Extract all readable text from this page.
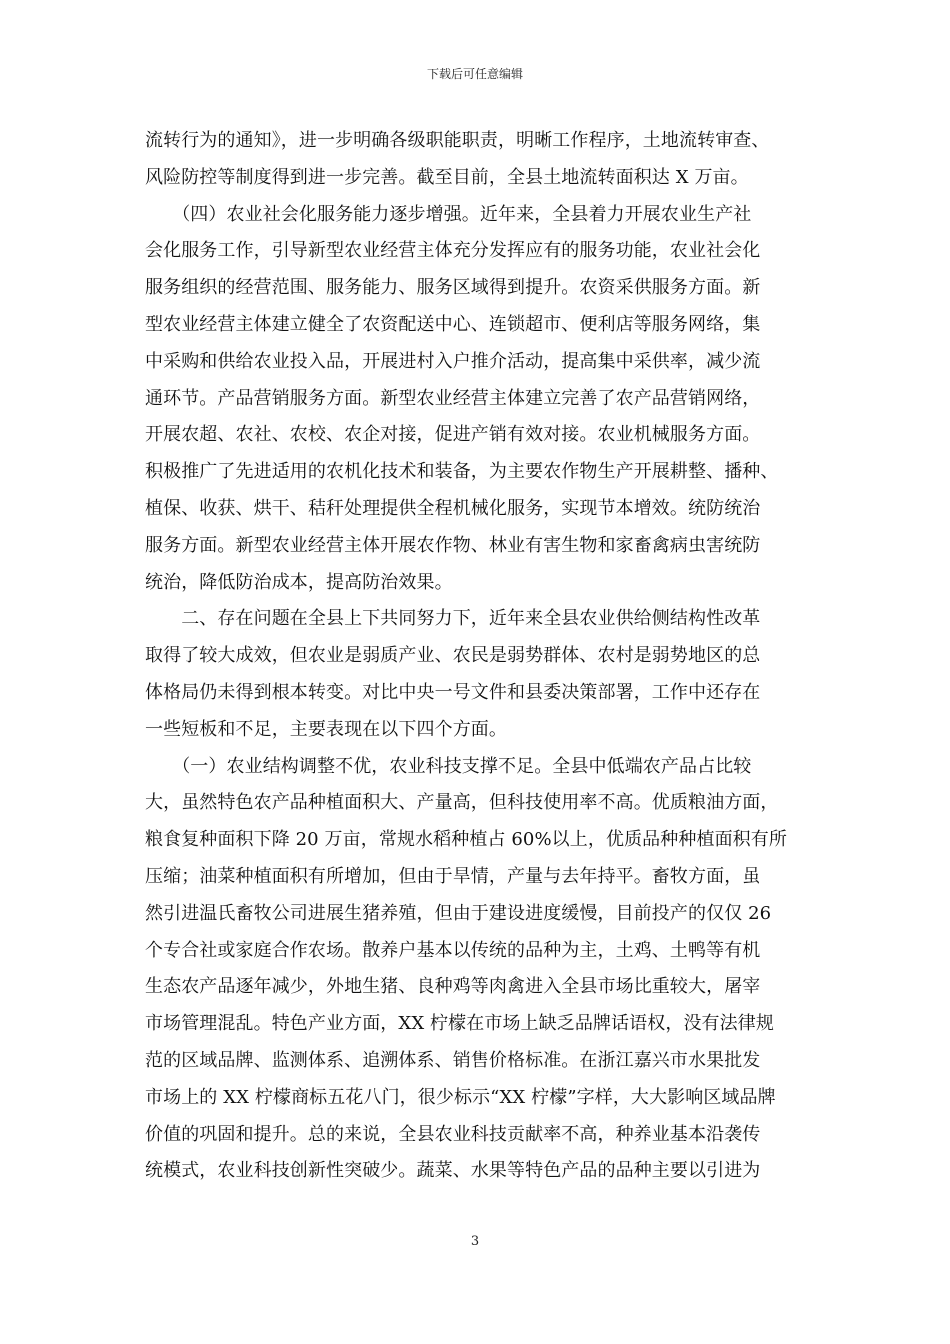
下载后可任意编辑
流转行为的通知》，进一步明确各级职能职责，明晰工作程序，土地流转审查、
风险防控等制度得到进一步完善。截至目前，全县土地流转面积达 X 万亩。
　　（四）农业社会化服务能力逐步增强。近年来，全县着力开展农业生产社
会化服务工作，引导新型农业经营主体充分发挥应有的服务功能，农业社会化
服务组织的经营范围、服务能力、服务区域得到提升。农资采供服务方面。新
型农业经营主体建立健全了农资配送中心、连锁超市、便利店等服务网络，集
中采购和供给农业投入品，开展进村入户推介活动，提高集中采供率，减少流
通环节。产品营销服务方面。新型农业经营主体建立完善了农产品营销网络，
开展农超、农社、农校、农企对接，促进产销有效对接。农业机械服务方面。
积极推广了先进适用的农机化技术和装备，为主要农作物生产开展耕整、播种、
植保、收获、烘干、秸秆处理提供全程机械化服务，实现节本增效。统防统治
服务方面。新型农业经营主体开展农作物、林业有害生物和家畜禽病虫害统防
统治，降低防治成本，提高防治效果。
　　二、存在问题在全县上下共同努力下，近年来全县农业供给侧结构性改革
取得了较大成效，但农业是弱质产业、农民是弱势群体、农村是弱势地区的总
体格局仍未得到根本转变。对比中央一号文件和县委决策部署，工作中还存在
一些短板和不足，主要表现在以下四个方面。
　　（一）农业结构调整不优，农业科技支撑不足。全县中低端农产品占比较
大，虽然特色农产品种植面积大、产量高，但科技使用率不高。优质粮油方面，
粮食复种面积下降 20 万亩，常规水稻种植占 60%以上，优质品种种植面积有所
压缩；油菜种植面积有所增加，但由于旱情，产量与去年持平。畜牧方面，虽
然引进温氏畜牧公司进展生猪养殖，但由于建设进度缓慢，目前投产的仅仅 26
个专合社或家庭合作农场。散养户基本以传统的品种为主，土鸡、土鸭等有机
生态农产品逐年减少，外地生猪、良种鸡等肉禽进入全县市场比重较大，屠宰
市场管理混乱。特色产业方面，XX 柠檬在市场上缺乏品牌话语权，没有法律规
范的区域品牌、监测体系、追溯体系、销售价格标准。在浙江嘉兴市水果批发
市场上的 XX 柠檬商标五花八门，很少标示“XX 柠檬”字样，大大影响区域品牌
价值的巩固和提升。总的来说，全县农业科技贡献率不高，种养业基本沿袭传
统模式，农业科技创新性突破少。蔬菜、水果等特色产品的品种主要以引进为
3
